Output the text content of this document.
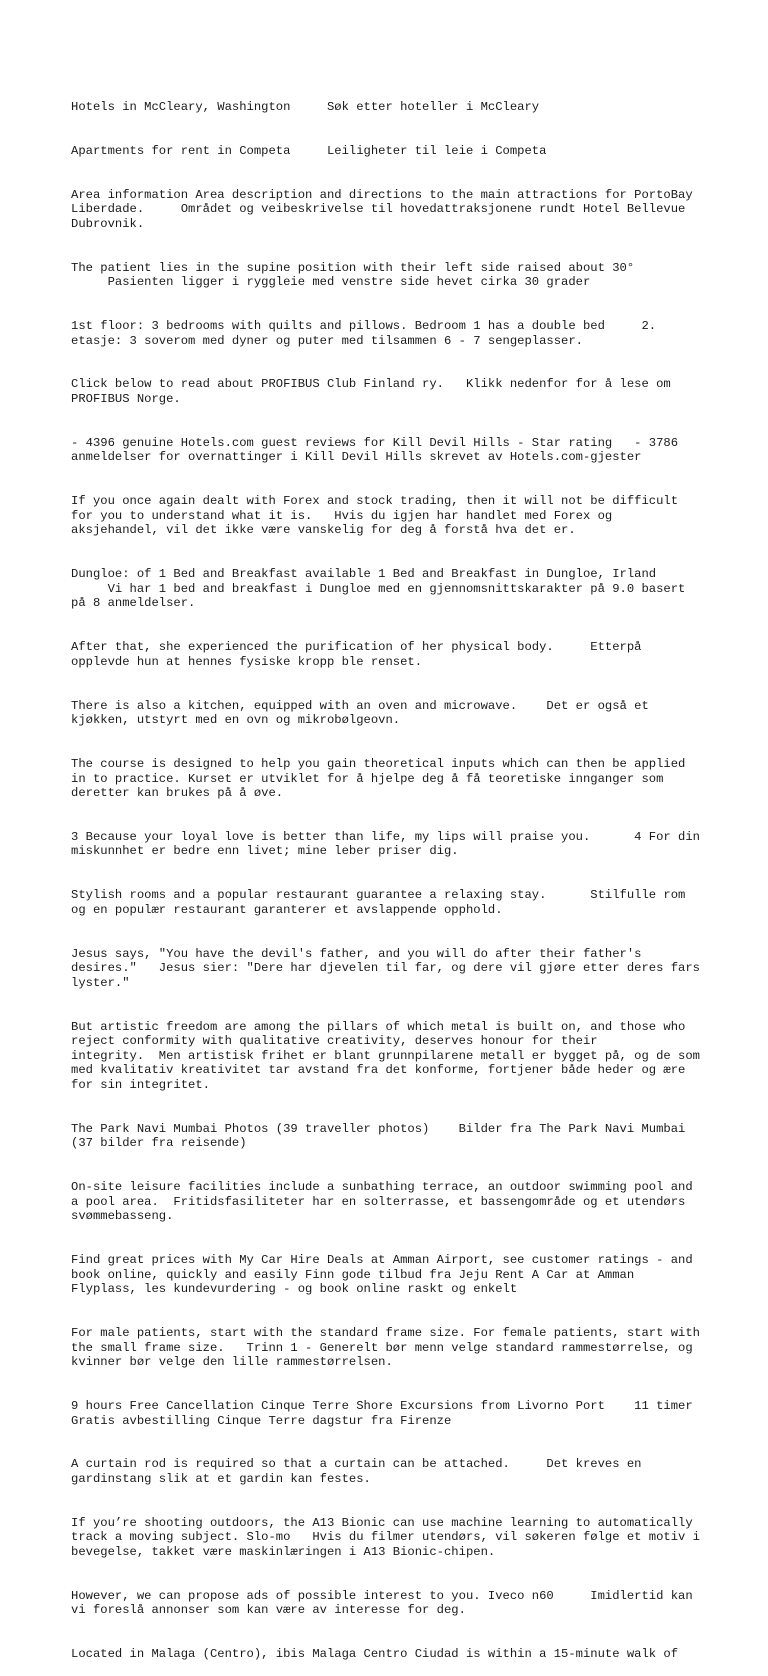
Hotels in McCleary, Washington     Søk etter hoteller i McCleary

Apartments for rent in Competa     Leiligheter til leie i Competa

Area information Area description and directions to the main attractions for PortoBay Liberdade.     Området og veibeskrivelse til hovedattraksjonene rundt Hotel Bellevue Dubrovnik.

The patient lies in the supine position with their left side raised about 30°      Pasienten ligger i ryggleie med venstre side hevet cirka 30 grader

1st floor: 3 bedrooms with quilts and pillows. Bedroom 1 has a double bed     2. etasje: 3 soverom med dyner og puter med tilsammen 6 - 7 sengeplasser.

Click below to read about PROFIBUS Club Finland ry.   Klikk nedenfor for å lese om PROFIBUS Norge.

- 4396 genuine Hotels.com guest reviews for Kill Devil Hills - Star rating   - 3786 anmeldelser for overnattinger i Kill Devil Hills skrevet av Hotels.com-gjester

If you once again dealt with Forex and stock trading, then it will not be difficult for you to understand what it is.   Hvis du igjen har handlet med Forex og aksjehandel, vil det ikke være vanskelig for deg å forstå hva det er.

Dungloe: of 1 Bed and Breakfast available 1 Bed and Breakfast in Dungloe, Irland      Vi har 1 bed and breakfast i Dungloe med en gjennomsnittskarakter på 9.0 basert på 8 anmeldelser.

After that, she experienced the purification of her physical body.     Etterpå opplevde hun at hennes fysiske kropp ble renset.

There is also a kitchen, equipped with an oven and microwave.    Det er også et kjøkken, utstyrt med en ovn og mikrobølgeovn.

The course is designed to help you gain theoretical inputs which can then be applied in to practice. Kurset er utviklet for å hjelpe deg å få teoretiske innganger som deretter kan brukes på å øve.

3 Because your loyal love is better than life, my lips will praise you.      4 For din miskunnhet er bedre enn livet; mine leber priser dig.

Stylish rooms and a popular restaurant guarantee a relaxing stay.      Stilfulle rom og en populær restaurant garanterer et avslappende opphold.

Jesus says, "You have the devil's father, and you will do after their father's desires."   Jesus sier: "Dere har djevelen til far, og dere vil gjøre etter deres fars lyster."

But artistic freedom are among the pillars of which metal is built on, and those who reject conformity with qualitative creativity, deserves honour for their integrity.  Men artistisk frihet er blant grunnpilarene metall er bygget på, og de som med kvalitativ kreativitet tar avstand fra det konforme, fortjener både heder og ære for sin integritet.

The Park Navi Mumbai Photos (39 traveller photos)    Bilder fra The Park Navi Mumbai (37 bilder fra reisende)

On-site leisure facilities include a sunbathing terrace, an outdoor swimming pool and a pool area.  Fritidsfasiliteter har en solterrasse, et bassengområde og et utendørs svømmebasseng.

Find great prices with My Car Hire Deals at Amman Airport, see customer ratings - and book online, quickly and easily Finn gode tilbud fra Jeju Rent A Car at Amman Flyplass, les kundevurdering - og book online raskt og enkelt

For male patients, start with the standard frame size. For female patients, start with the small frame size.   Trinn 1 - Generelt bør menn velge standard rammestørrelse, og kvinner bør velge den lille rammestørrelsen.

9 hours Free Cancellation Cinque Terre Shore Excursions from Livorno Port    11 timer Gratis avbestilling Cinque Terre dagstur fra Firenze

A curtain rod is required so that a curtain can be attached.     Det kreves en gardinstang slik at et gardin kan festes.

If you’re shooting outdoors, the A13 Bionic can use machine learning to automatically track a moving subject. Slo-mo   Hvis du filmer utendørs, vil søkeren følge et motiv i bevegelse, takket være maskinlæringen i A13 Bionic-chipen.

However, we can propose ads of possible interest to you. Iveco n60     Imidlertid kan vi foreslå annonser som kan være av interesse for deg.

Located in Malaga (Centro), ibis Malaga Centro Ciudad is within a 15-minute walk of
